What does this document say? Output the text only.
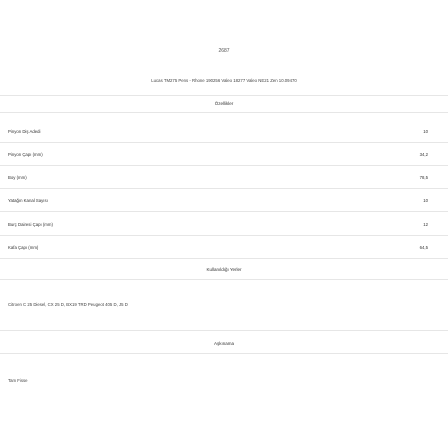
2687
Lucas TM275 Pens - Rhone 190256 Valeo 18277 Valeo NE21 Zen 10.09470
Özellikler
Pinyon Diş Adedi	10
Pinyon Çapı (mm)	34,2
Boy (mm)	78,5
Yatağın Kanal Sayısı	10
Burç Dairesi Çapı (mm)	12
Kafa Çapı (mm)	64,5
Kullanıldığı Yerler
Citroen C 25 Diesel, CX 25 D, BX19 TRD Peugeot 405 D, J5 D
Aşkınama
Tam Fisse
